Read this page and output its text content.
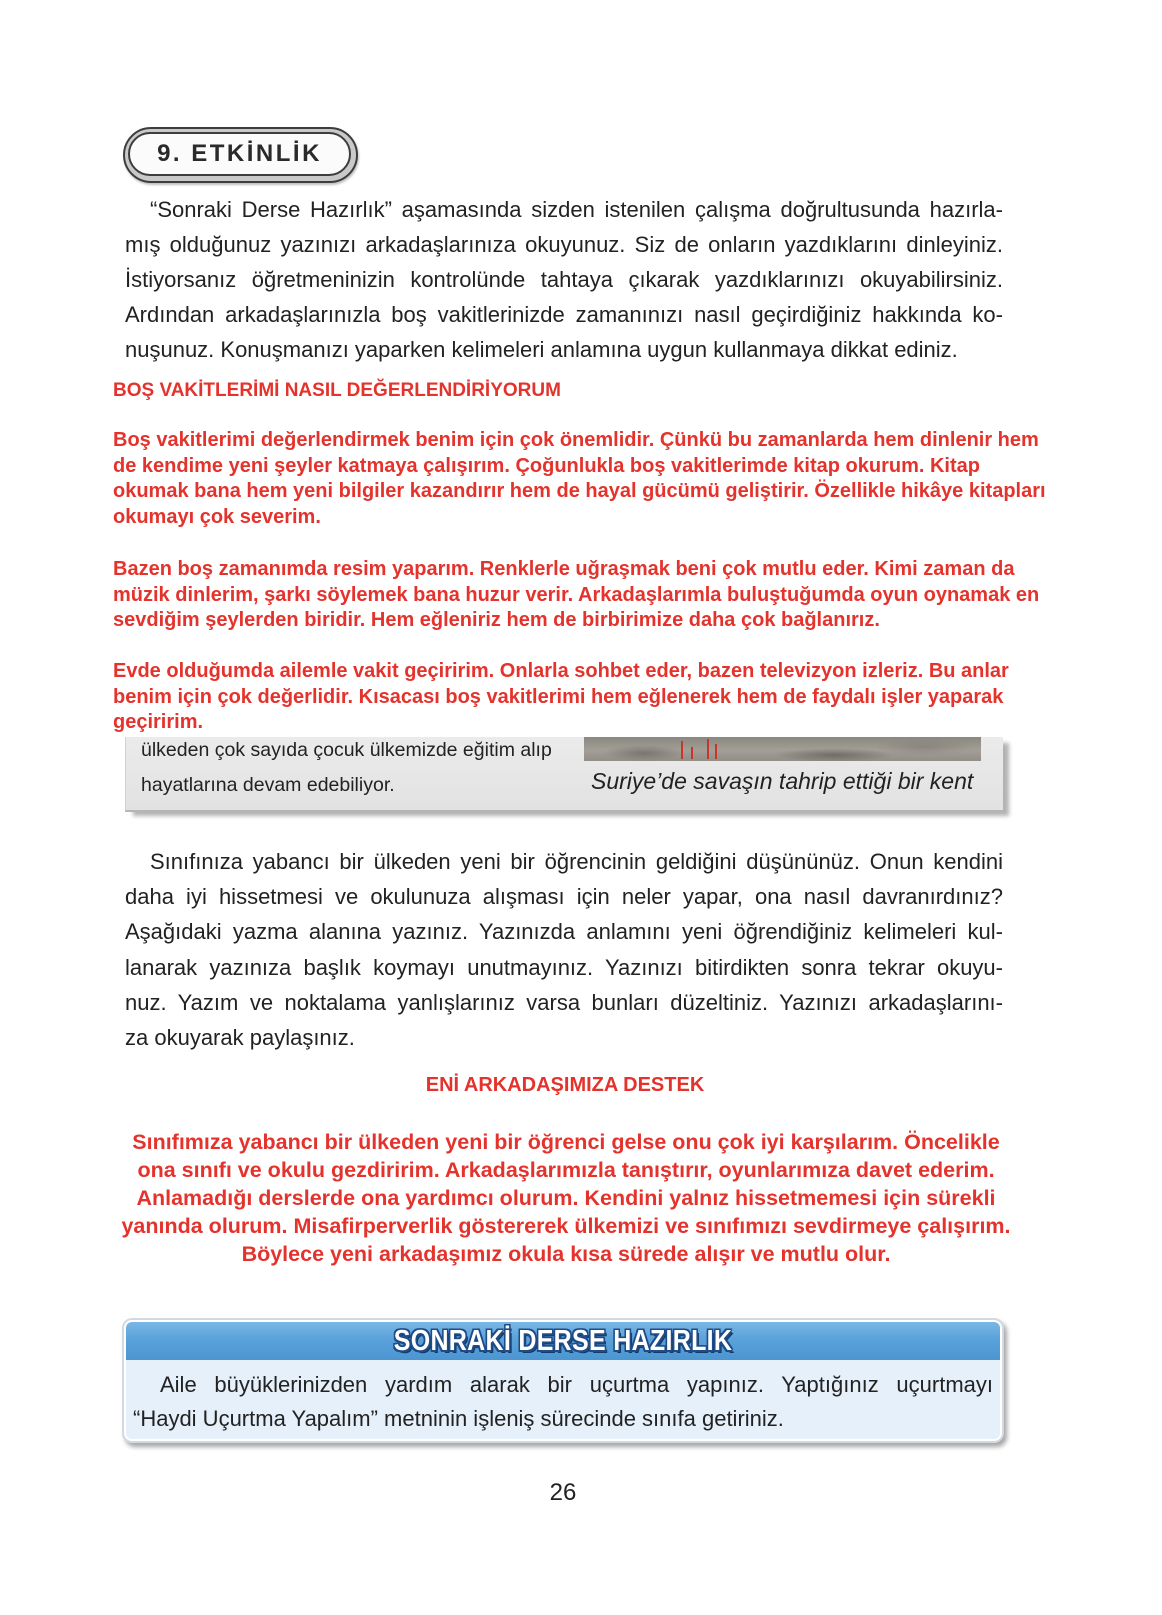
9. ETKİNLİK
“Sonraki Derse Hazırlık” aşamasında sizden istenilen çalışma doğrultusunda hazırla-
mış olduğunuz yazınızı arkadaşlarınıza okuyunuz. Siz de onların yazdıklarını dinleyiniz.
İstiyorsanız öğretmeninizin kontrolünde tahtaya çıkarak yazdıklarınızı okuyabilirsiniz.
Ardından arkadaşlarınızla boş vakitlerinizde zamanınızı nasıl geçirdiğiniz hakkında ko-
nuşunuz. Konuşmanızı yaparken kelimeleri anlamına uygun kullanmaya dikkat ediniz.
BOŞ VAKİTLERİMİ NASIL DEĞERLENDİRİYORUM
Boş vakitlerimi değerlendirmek benim için çok önemlidir. Çünkü bu zamanlarda hem dinlenir hem
de kendime yeni şeyler katmaya çalışırım. Çoğunlukla boş vakitlerimde kitap okurum. Kitap
okumak bana hem yeni bilgiler kazandırır hem de hayal gücümü geliştirir. Özellikle hikâye kitapları
okumayı çok severim.
Bazen boş zamanımda resim yaparım. Renklerle uğraşmak beni çok mutlu eder. Kimi zaman da
müzik dinlerim, şarkı söylemek bana huzur verir. Arkadaşlarımla buluştuğumda oyun oynamak en
sevdiğim şeylerden biridir. Hem eğleniriz hem de birbirimize daha çok bağlanırız.
Evde olduğumda ailemle vakit geçiririm. Onlarla sohbet eder, bazen televizyon izleriz. Bu anlar
benim için çok değerlidir. Kısacası boş vakitlerimi hem eğlenerek hem de faydalı işler yaparak
geçiririm.
ülkeden çok sayıda çocuk ülkemizde eğitim alıp
hayatlarına devam edebiliyor.	Suriye’de savaşın tahrip ettiği bir kent
Sınıfınıza yabancı bir ülkeden yeni bir öğrencinin geldiğini düşününüz. Onun kendini
daha iyi hissetmesi ve okulunuza alışması için neler yapar, ona nasıl davranırdınız?
Aşağıdaki yazma alanına yazınız. Yazınızda anlamını yeni öğrendiğiniz kelimeleri kul-
lanarak yazınıza başlık koymayı unutmayınız. Yazınızı bitirdikten sonra tekrar okuyu-
nuz. Yazım ve noktalama yanlışlarınız varsa bunları düzeltiniz. Yazınızı arkadaşlarını-
za okuyarak paylaşınız.
ENİ ARKADAŞIMIZA DESTEK
Sınıfımıza yabancı bir ülkeden yeni bir öğrenci gelse onu çok iyi karşılarım. Öncelikle
ona sınıfı ve okulu gezdiririm. Arkadaşlarımızla tanıştırır, oyunlarımıza davet ederim.
Anlamadığı derslerde ona yardımcı olurum. Kendini yalnız hissetmemesi için sürekli
yanında olurum. Misafirperverlik göstererek ülkemizi ve sınıfımızı sevdirmeye çalışırım.
Böylece yeni arkadaşımız okula kısa sürede alışır ve mutlu olur.
SONRAKİ DERSE HAZIRLIK
Aile büyüklerinizden yardım alarak bir uçurtma yapınız. Yaptığınız uçurtmayı
“Haydi Uçurtma Yapalım” metninin işleniş sürecinde sınıfa getiriniz.
26
